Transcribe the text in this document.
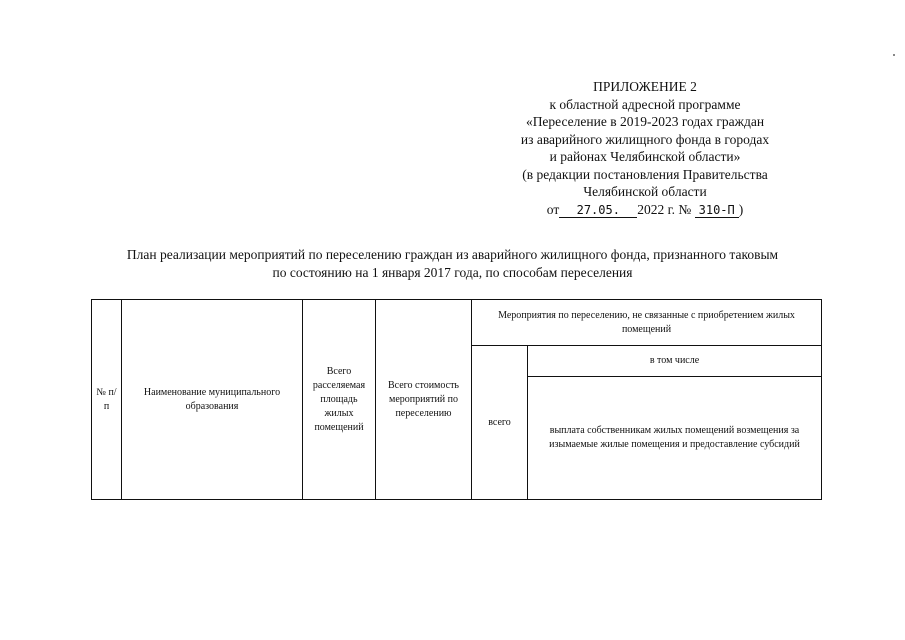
ПРИЛОЖЕНИЕ 2
к областной адресной программе
«Переселение в 2019-2023 годах граждан
из аварийного жилищного фонда в городах
и районах Челябинской области»
(в редакции постановления Правительства
Челябинской области
от 27.05. 2022 г. № 310-П )
План реализации мероприятий по переселению граждан из аварийного жилищного фонда, признанного таковым
по состоянию на 1 января 2017 года, по способам переселения
№ п/п	Наименование муниципального образования	Всего расселяемая площадь жилых помещений	Всего стоимость мероприятий по переселению	Мероприятия по переселению, не связанные с приобретением жилых помещений	
				всего	в том числе
					выплата собственникам жилых помещений возмещения за изымаемые жилые помещения и предоставление субсидий
